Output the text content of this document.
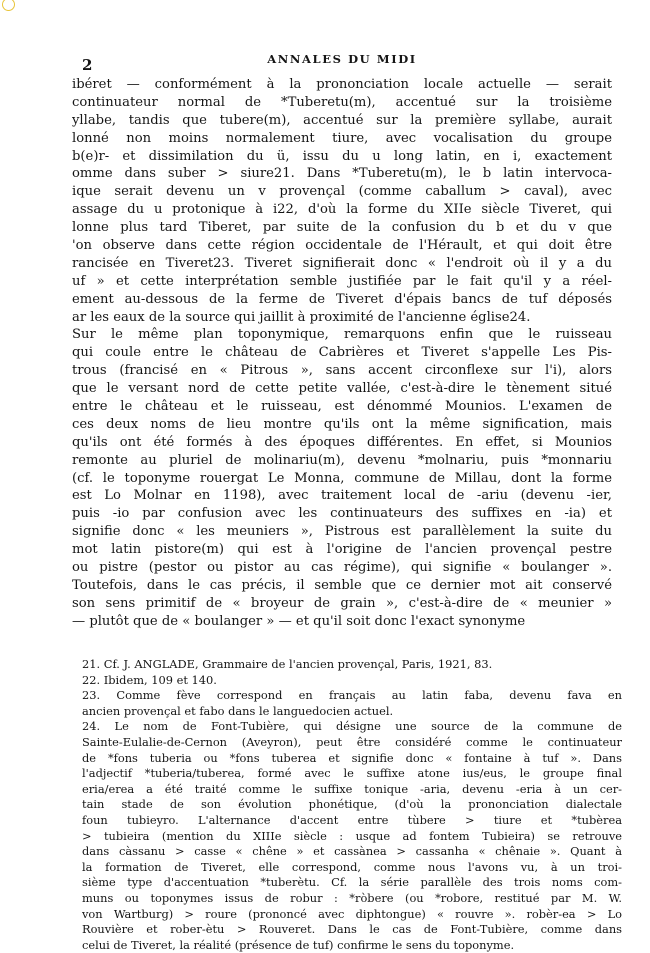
2	ANNALES DU MIDI
ibéret — conformément à la prononciation locale actuelle — serait
continuateur normal de *Tuberetu(m), accentué sur la troisième
yllabe, tandis que tubere(m), accentué sur la première syllabe, aurait
lonné non moins normalement tiure, avec vocalisation du groupe
b(e)r- et dissimilation du ü, issu du u long latin, en i, exactement
omme dans suber > siure21. Dans *Tuberetu(m), le b latin intervoca-
ique serait devenu un v provençal (comme caballum > caval), avec
assage du u protonique à i22, d'où la forme du XIIe siècle Tiveret, qui
lonne plus tard Tiberet, par suite de la confusion du b et du v que
'on observe dans cette région occidentale de l'Hérault, et qui doit être
rancisée en Tiveret23. Tiveret signifierait donc « l'endroit où il y a du
uf » et cette interprétation semble justifiée par le fait qu'il y a réel-
ement au-dessous de la ferme de Tiveret d'épais bancs de tuf déposés
ar les eaux de la source qui jaillit à proximité de l'ancienne église24.
Sur le même plan toponymique, remarquons enfin que le ruisseau
qui coule entre le château de Cabrières et Tiveret s'appelle Les Pis-
trous (francisé en « Pitrous », sans accent circonflexe sur l'i), alors
que le versant nord de cette petite vallée, c'est-à-dire le tènement situé
entre le château et le ruisseau, est dénommé Mounios. L'examen de
ces deux noms de lieu montre qu'ils ont la même signification, mais
qu'ils ont été formés à des époques différentes. En effet, si Mounios
remonte au pluriel de molinariu(m), devenu *molnariu, puis *monnariu
(cf. le toponyme rouergat Le Monna, commune de Millau, dont la forme
est Lo Molnar en 1198), avec traitement local de -ariu (devenu -ier,
puis -io par confusion avec les continuateurs des suffixes en -ia) et
signifie donc « les meuniers », Pistrous est parallèlement la suite du
mot latin pistore(m) qui est à l'origine de l'ancien provençal pestre
ou pistre (pestor ou pistor au cas régime), qui signifie « boulanger ».
Toutefois, dans le cas précis, il semble que ce dernier mot ait conservé
son sens primitif de « broyeur de grain », c'est-à-dire de « meunier »
— plutôt que de « boulanger » — et qu'il soit donc l'exact synonyme
21. Cf. J. ANGLADE, Grammaire de l'ancien provençal, Paris, 1921, 83.
22. Ibidem, 109 et 140.
23. Comme fève correspond en français au latin faba, devenu fava en
ancien provençal et fabo dans le languedocien actuel.
24. Le nom de Font-Tubière, qui désigne une source de la commune de
Sainte-Eulalie-de-Cernon (Aveyron), peut être considéré comme le continuateur
de *fons tuberia ou *fons tuberea et signifie donc « fontaine à tuf ». Dans
l'adjectif *tuberia/tuberea, formé avec le suffixe atone ius/eus, le groupe final
eria/erea a été traité comme le suffixe tonique -aria, devenu -eria à un cer-
tain stade de son évolution phonétique, (d'où la prononciation dialectale
foun tubieyro. L'alternance d'accent entre tùbere > tiure et *tubèrea
> tubieira (mention du XIIIe siècle : usque ad fontem Tubieira) se retrouve
dans càssanu > casse « chêne » et cassànea > cassanha « chênaie ». Quant à
la formation de Tiveret, elle correspond, comme nous l'avons vu, à un troi-
sième type d'accentuation *tuberètu. Cf. la série parallèle des trois noms com-
muns ou toponymes issus de robur : *ròbere (ou *robore, restitué par M. W.
von Wartburg) > roure (prononcé avec diphtongue) « rouvre ». robèr-ea > Lo
Rouvière et rober-ètu > Rouveret. Dans le cas de Font-Tubière, comme dans
celui de Tiveret, la réalité (présence de tuf) confirme le sens du toponyme.
